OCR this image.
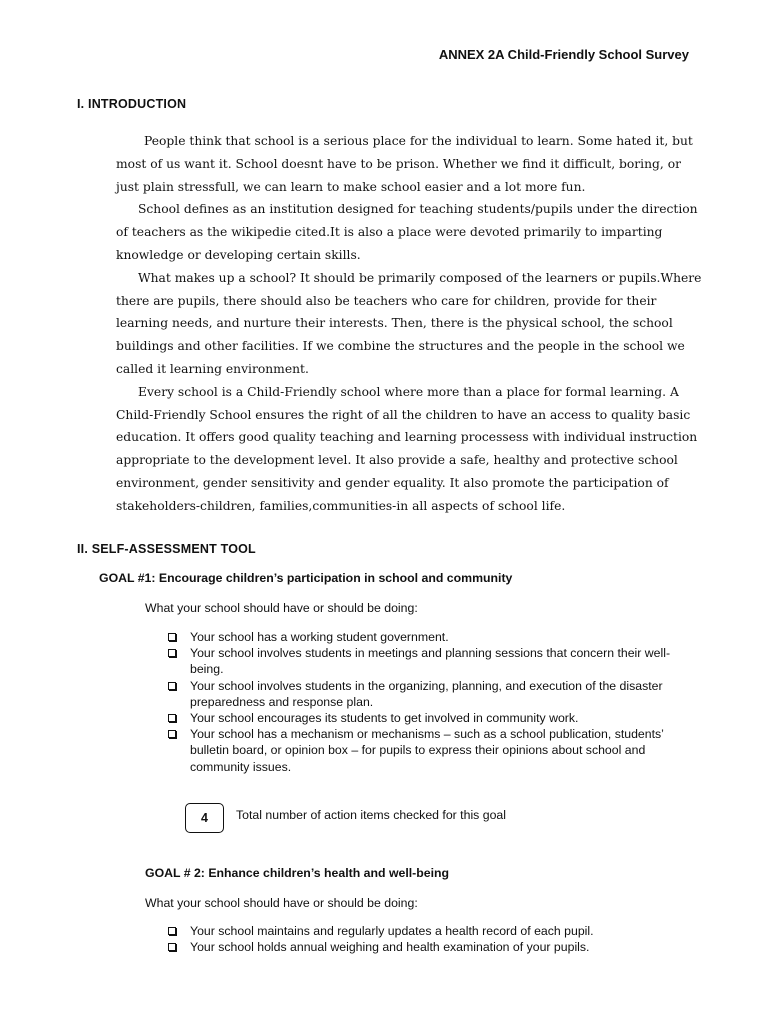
ANNEX 2A Child-Friendly School Survey
I. INTRODUCTION

People think that school is a serious place for the individual to learn. Some hated it, but most of us want it. School doesnt have to be prison. Whether we find it difficult, boring, or just plain stressfull, we can learn to make school easier and a lot more fun.

School defines as an institution designed for teaching students/pupils under the direction of teachers as the wikipedie cited.It is also a place were devoted primarily to imparting knowledge or developing certain skills.

What makes up a school? It should be primarily composed of the learners or pupils.Where there are pupils, there should also be teachers who care for children, provide for their learning needs, and nurture their interests. Then, there is the physical school, the school buildings and other facilities. If we combine the structures and the people in the school we called it learning environment.

Every school is a Child-Friendly school where more than a place for formal learning. A Child-Friendly School ensures the right of all the children to have an access to quality basic education. It offers good quality teaching and learning processess with individual instruction appropriate to the development level. It also provide a safe, healthy and protective school environment, gender sensitivity and gender equality. It also promote the participation of stakeholders-children, families,communities-in all aspects of school life.

II. SELF-ASSESSMENT TOOL
GOAL #1: Encourage children’s participation in school and community
What your school should have or should be doing:
Your school has a working student government.
Your school involves students in meetings and planning sessions that concern their well-being.
Your school involves students in the organizing, planning, and execution of the disaster preparedness and response plan.
Your school encourages its students to get involved in community work.
Your school has a mechanism or mechanisms – such as a school publication, students’ bulletin board, or opinion box – for pupils to express their opinions about school and community issues.
4	Total number of action items checked for this goal
GOAL # 2: Enhance children’s health and well-being
What your school should have or should be doing:
Your school maintains and regularly updates a health record of each pupil.
Your school holds annual weighing and health examination of your pupils.
